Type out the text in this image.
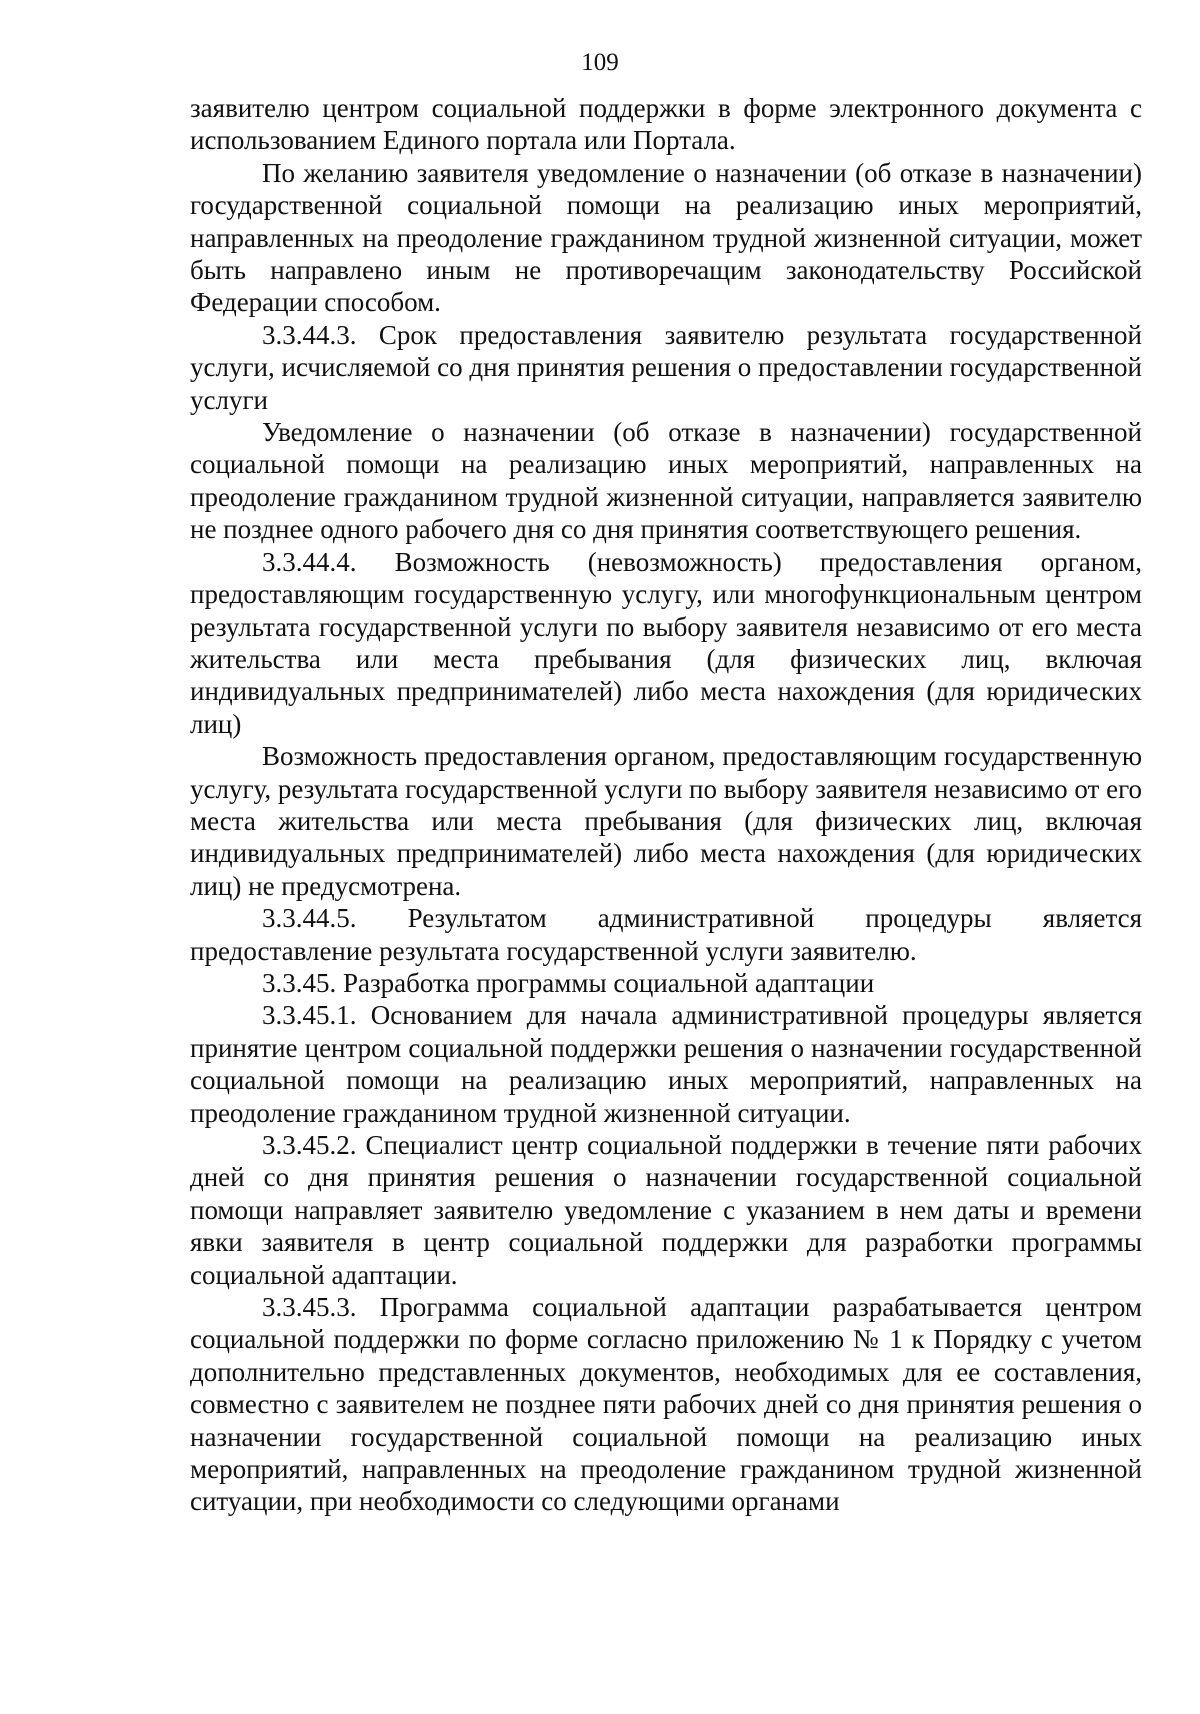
109

заявителю центром социальной поддержки в форме электронного документа с использованием Единого портала или Портала.

По желанию заявителя уведомление о назначении (об отказе в назначении) государственной социальной помощи на реализацию иных мероприятий, направленных на преодоление гражданином трудной жизненной ситуации, может быть направлено иным не противоречащим законодательству Российской Федерации способом.

3.3.44.3. Срок предоставления заявителю результата государственной услуги, исчисляемой со дня принятия решения о предоставлении государственной услуги

Уведомление о назначении (об отказе в назначении) государственной социальной помощи на реализацию иных мероприятий, направленных на преодоление гражданином трудной жизненной ситуации, направляется заявителю не позднее одного рабочего дня со дня принятия соответствующего решения.

3.3.44.4. Возможность (невозможность) предоставления органом, предоставляющим государственную услугу, или многофункциональным центром результата государственной услуги по выбору заявителя независимо от его места жительства или места пребывания (для физических лиц, включая индивидуальных предпринимателей) либо места нахождения (для юридических лиц)

Возможность предоставления органом, предоставляющим государственную услугу, результата государственной услуги по выбору заявителя независимо от его места жительства или места пребывания (для физических лиц, включая индивидуальных предпринимателей) либо места нахождения (для юридических лиц) не предусмотрена.

3.3.44.5. Результатом административной процедуры является предоставление результата государственной услуги заявителю.

3.3.45. Разработка программы социальной адаптации

3.3.45.1. Основанием для начала административной процедуры является принятие центром социальной поддержки решения о назначении государственной социальной помощи на реализацию иных мероприятий, направленных на преодоление гражданином трудной жизненной ситуации.

3.3.45.2. Специалист центр социальной поддержки в течение пяти рабочих дней со дня принятия решения о назначении государственной социальной помощи направляет заявителю уведомление с указанием в нем даты и времени явки заявителя в центр социальной поддержки для разработки программы социальной адаптации.

3.3.45.3. Программа социальной адаптации разрабатывается центром социальной поддержки по форме согласно приложению № 1 к Порядку с учетом дополнительно представленных документов, необходимых для ее составления, совместно с заявителем не позднее пяти рабочих дней со дня принятия решения о назначении государственной социальной помощи на реализацию иных мероприятий, направленных на преодоление гражданином трудной жизненной ситуации, при необходимости со следующими органами
